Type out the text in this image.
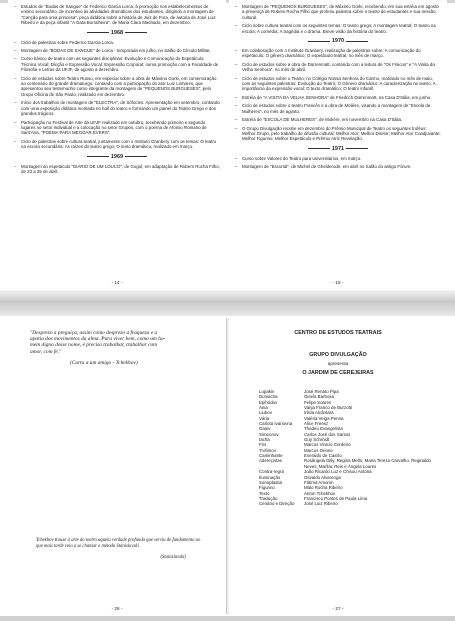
– Estudos de "Bodas de Sangue" de Federico Garcia Lorca, à promoção nos estabelecimentos de ensino secundário, de incentivo às atividades dramáticas dos estudantes, dirigindo a montagem de "Canção para uma princesa", peça didática sobre a história de Juiz de Fora, de autoria de José Luiz Ribeiro e da peça infantil "A Gata Borralheira", de Maria Clara Machado, em dezembro.
1968
– Ciclo de palestras sobre Federico Garcia Lorca.
– Montagem de "BODAS DE SANGUE" de Lorca - temporada em julho, no Salão do Círculo Militar.
– Curso básico de teatro com as seguintes disciplinas: Evolução e Comunicação do Espetáculo; Técnica Vocal; Dicção e Expressão Vocal; Expressão Corporal; numa promoção com a Faculdade de Filosofia e Letras da UFJF, de agosto a dezembro.
– Ciclo de estudos sobre Teatro Russo, em especial sobre a obra de Máximo Gorki, em comemoração ao centenário do grande dramaturgo, contando com a participação do ator Luiz Linhares, que apresentou seu testemunho como integrante da montagem de "PEQUENOS BURGUESES", pelo Grupo Oficina de São Paulo, realizado em dezembro.
– Início dos trabalhos de montagem de "ELECTRA", de Sófocles. Apresentação em setembro, contando com uma exposição didática montada no hall do teatro e formando um painel do Teatro Grego e dos grandes trágicos.
– Participação no Festival de Arte da UFJF realizado em outubro, recebendo primeiro e segundo lugares no setor individual e a colocação no setor Grupos, com o poema de Afonso Romano de Sant'Ana, "POEMA PARA MEGOAR EVERS".
– Ciclo de palestras sobre cultura teatral, juntamente com o Instituto Granbery com os temas: O teatro na escola secundária; As raízes do teatro grego; O texto dramático, realizado em março.
1969
– Montagem do espetáculo "DIÁRIO DE UM LOUCO", de Gogol, em adaptação de Rubem Rocha Filho, de 23 a 29 de abril.
- 14 -
– Montagem de "PEQUENOS BURGUESES", de Máximo Gorki, recebendo, em sua estréia em agosto a presença de Rubem Rocha Filho que proferiu palestra sobre o teatro de estudantes e sua missão cultural.
– Ciclo sobre cultura teatral com os seguintes temas: O teatro grego; A montagem teatral; O teatro na escola; A comédia; A tragédia e o drama. Breve visão da história do teatro.
1970
– Em colaboração com o Instituto Granbery, realização de palestras sobre: A comunicação do espetáculo; O gênero dramático; O espetáculo teatral, no mês de março.
– Ciclo de estudos sobre a obra de Dürrenmatt, contando com a leitura de "Os Físicos" e "A Visita da Velha Senhora", no mês de abril.
– Ciclo de estudos sobre o Teatro; no Colégio Nossa Senhora do Carmo, realizado no mês de maio, com as seguintes palestras: Evolução do Teatro; O Gênero dramático; A caracterização no teatro; A importância da expressão vocal; O texto dramático; O teatro infantil.
– Estréia de "A VISITA DA VELHA SENHORA" de Friedrich Dürrenmatt, na Casa D'Itália, em junho.
– Ciclo de estudos sobre o teatro Francês e a obra de Molière, visando a montagem de "Escola de Mulheres", no mês de agosto.
– Estréia de "ESCOLA DE MULHERES", de Molière, em novembro na Casa D'Itália.
– O Grupo Divulgação recebe em dezembro do Prêmio Municipal de Teatro os seguintes troféus: Melhor Grupo, pelo trabalho de difusão cultural; Melhor Ator; Melhor Diretor; Melhor Ator Coadjuvante; Melhor Figurino; Melhor Espetáculo e Prêmio Atriz Revelação.
1971
– Curso sobre Valores do Teatro para universitários, em março.
– Montagem de "Escurial", de Michel de Ghelderode, em abril no Salão do antigo Fórum.
- 15 -
"Desprezo a preguiça, assim como desprezo a fraqueza e a
apatia dos movimentos da alma. Para viver bem, como um ho-
mem digno desse nome, é preciso trabalhar, trabalhar com
amor, com fé."
(Carta a um amigo - Tchekhov)
Tchekhov trouxe à arte do teatro aquela verdade profunda que serviu de fundamento ao que mais tarde veio a se chamar o método Stanislavski.
(Stanislavski)
- 26 -
CENTRO DE ESTUDOS TEATRAIS
GRUPO DIVULGAÇÃO
apresenta
O JARDIM DE CEREJEIRAS
Lopakin	José Renato Pipa
Duniacha	Gisela Barbosa
Epihódov	Felipe Soares
Ania	Vanja Franco de Burzotti
Liubov	Irêda Alcântara
Vária	Valéria Veiga Penna
Carlota Ivanovna	Alice Freesz
Gaiev	Thadeu Evangelista
Simeonov	Carlos José dos Santos
Iacha	Guy Schmidt
Firs	Marcos Vinicio Cordeiro
Trofimov	Marcos Orione
Caminhante	Everaldo de Castro
Adereçistas	Rosângela Dilly, Regina Mello, Maria Tereza Carvalho, Reginaldo Neves, Marilac Reis e Ângela Loures
Contra-regra	João Ricardo Luz e Chisou Antona
Iluminação	Osvaldo Alvarenga
Sonoplastia	Fátima Amorim
Figurino	Malo Rocha Ribeiro
Texto	Anton Tchekhov
Tradução	Francisco Pontes de Paula Lima
Cenário e Direção	José Luiz Ribeiro
- 27 -
